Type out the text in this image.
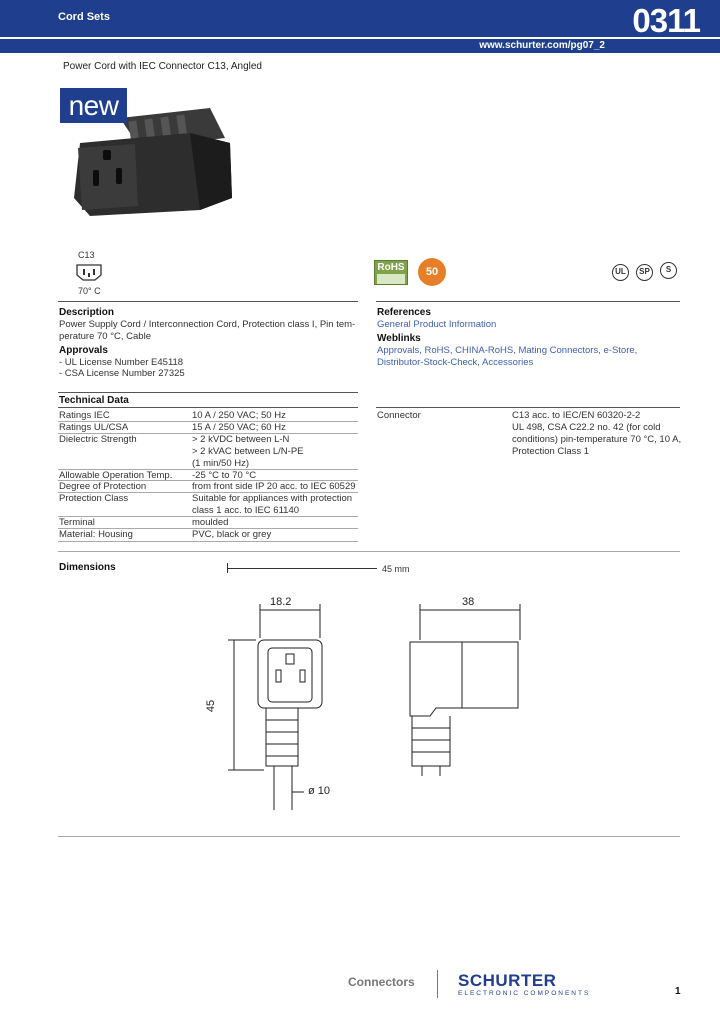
Cord Sets	0311
www.schurter.com/pg07_2
Power Cord with IEC Connector C13, Angled
new
C13
70° C
RoHS	50	UL	SP	S
Description
Power Supply Cord / Interconnection Cord, Protection class I, Pin tem-
perature 70 °C, Cable
Approvals
- UL License Number E45118
- CSA License Number 27325
References
General Product Information
Weblinks
Approvals, RoHS, CHINA-RoHS, Mating Connectors, e-Store,
Distributor-Stock-Check, Accessories
Technical Data
Ratings IEC	10 A / 250 VAC; 50 Hz
Ratings UL/CSA	15 A / 250 VAC; 60 Hz
Dielectric Strength	> 2 kVDC between L-N
> 2 kVAC between L/N-PE
(1 min/50 Hz)
Allowable Operation Temp. -25 °C to 70 °C
Degree of Protection	from front side IP 20 acc. to IEC 60529
Protection Class	Suitable for appliances with protection
class 1 acc. to IEC 61140
Terminal	moulded
Material: Housing	PVC, black or grey
Connector	C13 acc. to IEC/EN 60320-2-2
UL 498, CSA C22.2 no. 42 (for cold
conditions) pin-temperature 70 °C, 10 A,
Protection Class 1
Dimensions	45 mm
18.2
45
ø 10
38
Connectors	SCHURTER
ELECTRONIC COMPONENTS	1
